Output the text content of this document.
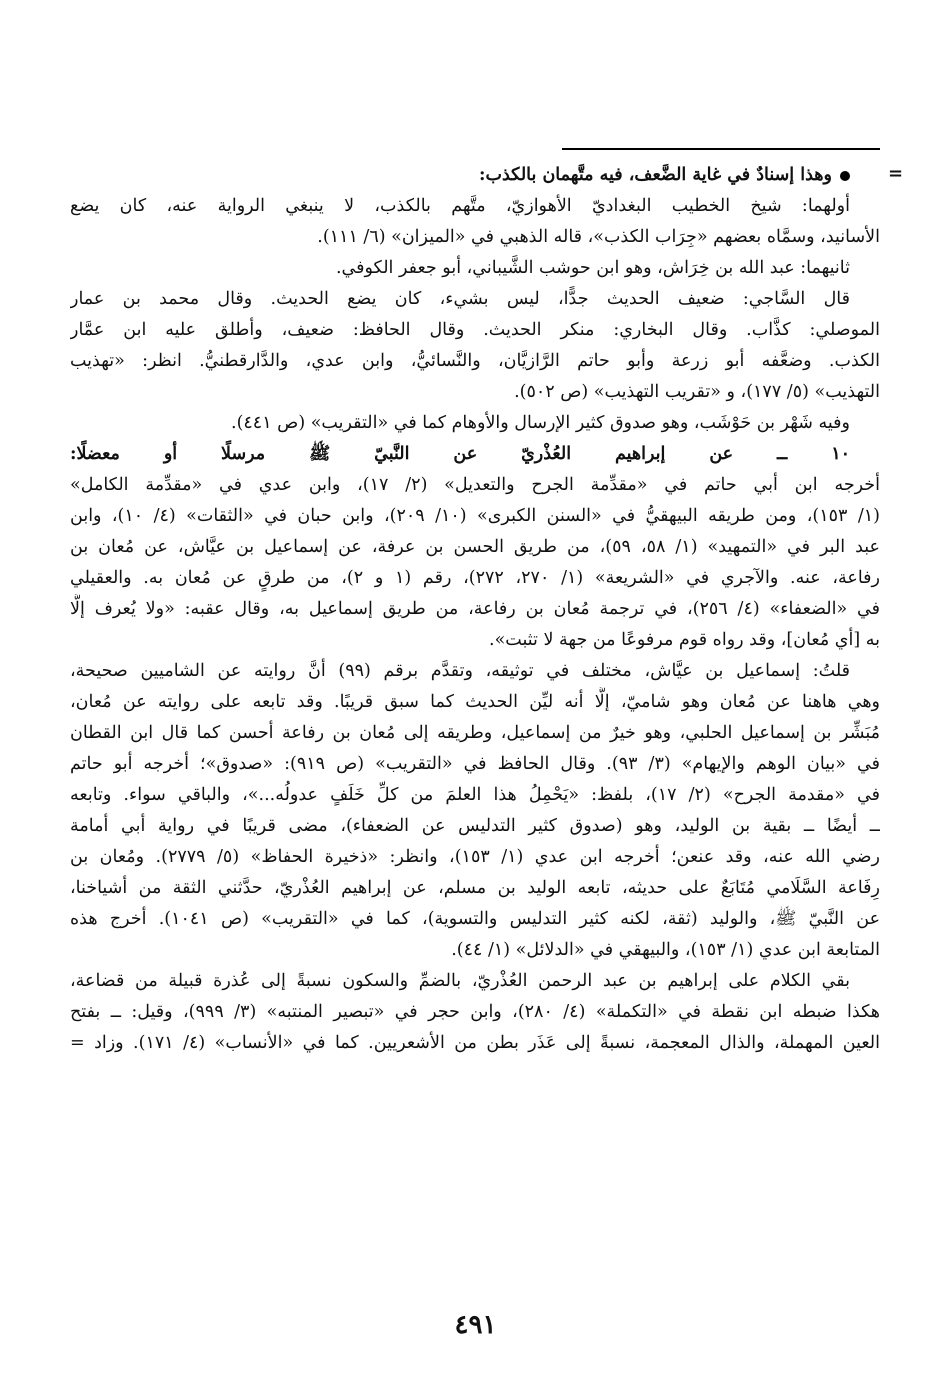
=
وهذا إسنادٌ في غاية الضَّعف، فيه متَّهمان بالكذب:
أولهما: شيخ الخطيب البغداديّ الأهوازيّ، متَّهم بالكذب، لا ينبغي الرواية عنه، كان يضع
الأسانيد، وسمَّاه بعضهم «جِرَاب الكذب»، قاله الذهبي في «الميزان» (٦/ ١١١).
ثانيهما: عبد الله بن خِرَاش، وهو ابن حوشب الشَّيباني، أبو جعفر الكوفي.
قال السَّاجي: ضعيف الحديث جدًّا، ليس بشيء، كان يضع الحديث. وقال محمد بن عمار
الموصلي: كذَّاب. وقال البخاري: منكر الحديث. وقال الحافظ: ضعيف، وأطلق عليه ابن عمَّار
الكذب. وضعَّفه أبو زرعة وأبو حاتم الرَّازيَّان، والنَّسائيُّ، وابن عدي، والدَّارقطنيُّ. انظر: «تهذيب
التهذيب» (٥/ ١٧٧)، و «تقريب التهذيب» (ص ٥٠٢).
وفيه شَهْر بن حَوْشَب، وهو صدوق كثير الإرسال والأوهام كما في «التقريب» (ص ٤٤١).
١٠ ــ عن إبراهيم العُذْريّ عن النَّبيّ ﷺ مرسلًا أو معضلًا:
أخرجه ابن أبي حاتم في «مقدِّمة الجرح والتعديل» (٢/ ١٧)، وابن عدي في «مقدِّمة الكامل»
(١/ ١٥٣)، ومن طريقه البيهقيُّ في «السنن الكبرى» (١٠/ ٢٠٩)، وابن حبان في «الثقات» (٤/ ١٠)، وابن
عبد البر في «التمهيد» (١/ ٥٨، ٥٩)، من طريق الحسن بن عرفة، عن إسماعيل بن عيَّاش، عن مُعان بن
رفاعة، عنه. والآجري في «الشريعة» (١/ ٢٧٠، ٢٧٢)، رقم (١ و ٢)، من طرقٍ عن مُعان به. والعقيلي
في «الضعفاء» (٤/ ٢٥٦)، في ترجمة مُعان بن رفاعة، من طريق إسماعيل به، وقال عقبه: «ولا يُعرف إلَّا
به [أي مُعان]، وقد رواه قوم مرفوعًا من جهة لا تثبت».
قلتُ: إسماعيل بن عيَّاش، مختلف في توثيقه، وتقدَّم برقم (٩٩) أنَّ روايته عن الشاميين صحيحة،
وهي هاهنا عن مُعان وهو شاميّ، إلَّا أنه ليِّن الحديث كما سبق قريبًا. وقد تابعه على روايته عن مُعان،
مُبَشِّر بن إسماعيل الحلبي، وهو خيرٌ من إسماعيل، وطريقه إلى مُعان بن رفاعة أحسن كما قال ابن القطان
في «بيان الوهم والإيهام» (٣/ ٩٣). وقال الحافظ في «التقريب» (ص ٩١٩): «صدوق»؛ أخرجه أبو حاتم
في «مقدمة الجرح» (٢/ ١٧)، بلفظ: «يَحْمِلُ هذا العلمَ من كلِّ خَلَفٍ عدولُه...»، والباقي سواء. وتابعه
ــ أيضًا ــ بقية بن الوليد، وهو (صدوق كثير التدليس عن الضعفاء)، مضى قريبًا في رواية أبي أمامة
رضي الله عنه، وقد عنعن؛ أخرجه ابن عدي (١/ ١٥٣)، وانظر: «ذخيرة الحفاظ» (٥/ ٢٧٧٩). ومُعان بن
رِفَاعة السَّلَامي مُتَابَعٌ على حديثه، تابعه الوليد بن مسلم، عن إبراهيم العُذْريّ، حدَّثني الثقة من أشياخنا،
عن النَّبيّ ﷺ، والوليد (ثقة، لكنه كثير التدليس والتسوية)، كما في «التقريب» (ص ١٠٤١). أخرج هذه
المتابعة ابن عدي (١/ ١٥٣)، والبيهقي في «الدلائل» (١/ ٤٤).
بقي الكلام على إبراهيم بن عبد الرحمن العُذْريّ، بالضمِّ والسكون نسبةً إلى عُذرة قبيلة من قضاعة،
هكذا ضبطه ابن نقطة في «التكملة» (٤/ ٢٨٠)، وابن حجر في «تبصير المنتبه» (٣/ ٩٩٩)، وقيل: ــ بفتح
العين المهملة، والذال المعجمة، نسبةً إلى عَذَر بطن من الأشعريين. كما في «الأنساب» (٤/ ١٧١). وزاد =
٤٩١
